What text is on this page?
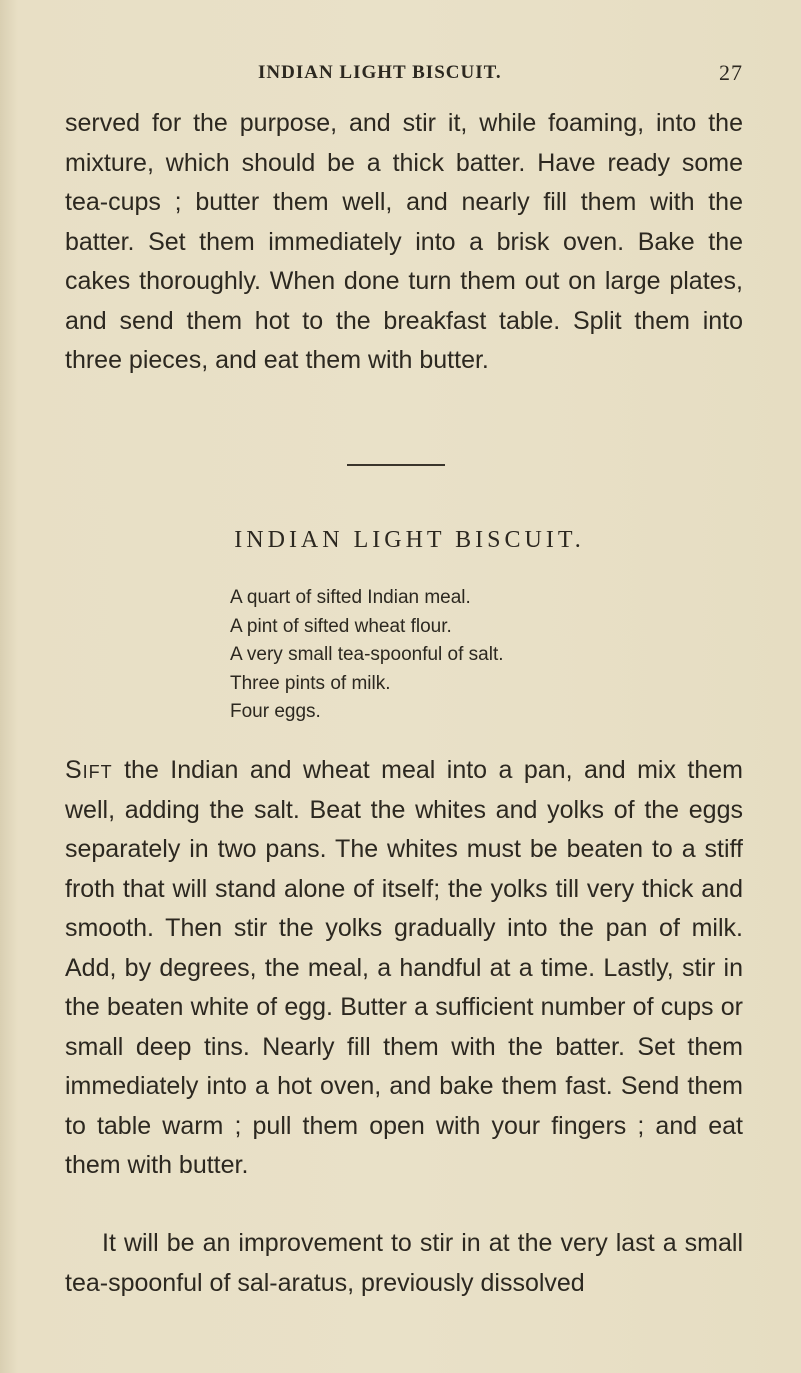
INDIAN LIGHT BISCUIT.	27

served for the purpose, and stir it, while foaming, into the mixture, which should be a thick batter. Have ready some tea-cups ; butter them well, and nearly fill them with the batter. Set them immediately into a brisk oven. Bake the cakes thoroughly. When done turn them out on large plates, and send them hot to the breakfast table. Split them into three pieces, and eat them with butter.

INDIAN LIGHT BISCUIT.
A quart of sifted Indian meal.
A pint of sifted wheat flour.
A very small tea-spoonful of salt.
Three pints of milk.
Four eggs.

Sift the Indian and wheat meal into a pan, and mix them well, adding the salt. Beat the whites and yolks of the eggs separately in two pans. The whites must be beaten to a stiff froth that will stand alone of itself; the yolks till very thick and smooth. Then stir the yolks gradually into the pan of milk. Add, by degrees, the meal, a handful at a time. Lastly, stir in the beaten white of egg. Butter a sufficient number of cups or small deep tins. Nearly fill them with the batter. Set them immediately into a hot oven, and bake them fast. Send them to table warm ; pull them open with your fingers ; and eat them with butter.

It will be an improvement to stir in at the very last a small tea-spoonful of sal-aratus, previously dissolved
